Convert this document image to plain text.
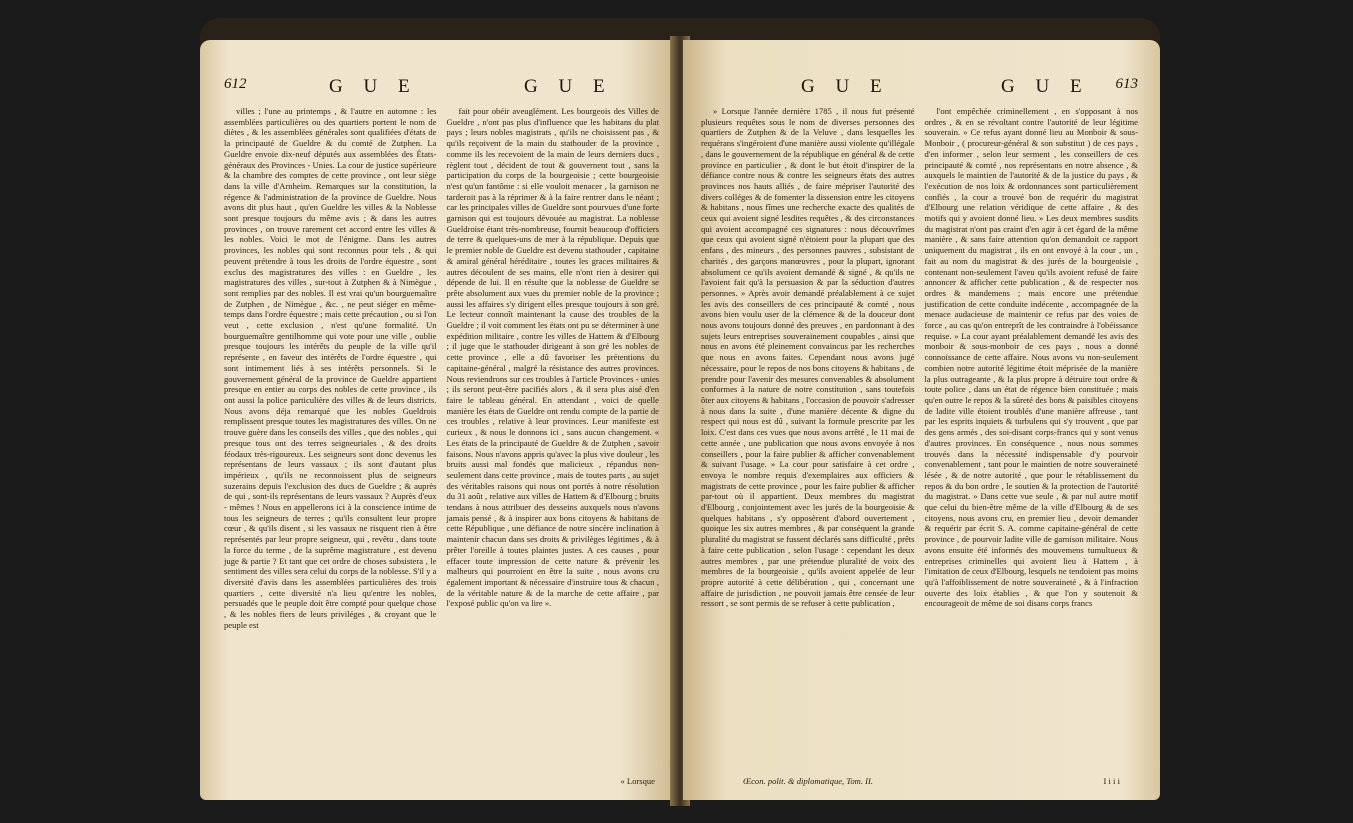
612	G U E	G U E

villes ; l'une au printemps , & l'autre en automne : les assemblées particulières ou des quartiers portent le nom de diètes , & les assemblées générales sont qualifiées d'états de la principauté de Gueldre & du comté de Zutphen. La Gueldre envoie dix-neuf députés aux assemblées des États-généraux des Provinces - Unies. La cour de justice supérieure & la chambre des comptes de cette province , ont leur siège dans la ville d'Arnheim. Remarques sur la constitution, la régence & l'administration de la province de Gueldre. Nous avons dit plus haut , qu'en Gueldre les villes & la Noblesse sont presque toujours du même avis ; & dans les autres provinces , on trouve rarement cet accord entre les villes & les nobles. Voici le mot de l'énigme. Dans les autres provinces, les nobles qui sont reconnus pour tels , & qui peuvent prétendre à tous les droits de l'ordre équestre , sont exclus des magistratures des villes : en Gueldre , les magistratures des villes , sur-tout à Zutphen & à Nimègue , sont remplies par des nobles. Il est vrai qu'un bourguemaître de Zutphen , de Nimègue , &c. , ne peut siéger en même-temps dans l'ordre équestre ; mais cette précaution , ou si l'on veut , cette exclusion , n'est qu'une formalité. Un bourguemaître gentilhomme qui vote pour une ville , oublie presque toujours les intérêts du peuple de la ville qu'il représente , en faveur des intérêts de l'ordre équestre , qui sont intimement liés à ses intérêts personnels. Si le gouvernement général de la province de Gueldre appartient presque en entier au corps des nobles de cette province , ils ont aussi la police particulière des villes & de leurs districts. Nous avons déja remarqué que les nobles Gueldrois remplissent presque toutes les magistratures des villes. On ne trouve guère dans les conseils des villes , que des nobles , qui presque tous ont des terres seigneuriales , & des droits féodaux très-rigoureux. Les seigneurs sont donc devenus les représentans de leurs vassaux ; ils sont d'autant plus impérieux , qu'ils ne reconnoissent plus de seigneurs suzerains depuis l'exclusion des ducs de Gueldre ; & auprès de qui , sont-ils représentans de leurs vassaux ? Auprès d'eux - mêmes ! Nous en appellerons ici à la conscience intime de tous les seigneurs de terres ; qu'ils consultent leur propre cœur , & qu'ils disent , si les vassaux ne risquent rien à être représentés par leur propre seigneur, qui , revêtu , dans toute la force du terme , de la suprême magistrature , est devenu juge & partie ? Et tant que cet ordre de choses subsistera , le sentiment des villes sera celui du corps de la noblesse. S'il y a diversité d'avis dans les assemblées particulières des trois quartiers , cette diversité n'a lieu qu'entre les nobles, persuadés que le peuple doit être compté pour quelque chose , & les nobles fiers de leurs priviléges , & croyant que le peuple est

fait pour obéir aveuglément. Les bourgeois des Villes de Gueldre , n'ont pas plus d'influence que les habitans du plat pays ; leurs nobles magistrats , qu'ils ne choisissent pas , & qu'ils reçoivent de la main du stathouder de la province , comme ils les recevoient de la main de leurs derniers ducs , règlent tout , décident de tout & gouvernent tout , sans la participation du corps de la bourgeoisie ; cette bourgeoisie n'est qu'un fantôme : si elle vouloit menacer , la garnison ne tarderoit pas à la réprimer & à la faire rentrer dans le néant ; car les principales villes de Gueldre sont pourvues d'une forte garnison qui est toujours dévouée au magistrat. La noblesse Gueldroise étant très-nombreuse, fournit beaucoup d'officiers de terre & quelques-uns de mer à la république. Depuis que le premier noble de Gueldre est devenu stathouder , capitaine & amiral général héréditaire , toutes les graces militaires & autres découlent de ses mains, elle n'ont rien à desirer qui dépende de lui. Il en résulte que la noblesse de Gueldre se prête absolument aux vues du premier noble de la province ; aussi les affaires s'y dirigent elles presque toujours à son gré. Le lecteur connoît maintenant la cause des troubles de la Gueldre ; il voit comment les états ont pu se déterminer à une expédition militaire , contre les villes de Hattem & d'Elbourg ; il juge que le stathouder dirigeant à son gré les nobles de cette province , elle a dû favoriser les prétentions du capitaine-général , malgré la résistance des autres provinces. Nous reviendrons sur ces troubles à l'article Provinces - unies ; ils seront peut-être pacifiés alors , & il sera plus aisé d'en faire le tableau général. En attendant , voici de quelle manière les états de Gueldre ont rendu compte de la partie de ces troubles , relative à leur provinces. Leur manifeste est curieux , & nous le donnons ici , sans aucun changement. « Les états de la principauté de Gueldre & de Zutphen , savoir faisons. Nous n'avons appris qu'avec la plus vive douleur , les bruits aussi mal fondés que malicieux , répandus non-seulement dans cette province , mais de toutes parts , au sujet des véritables raisons qui nous ont portés à notre résolution du 31 août , relative aux villes de Hattem & d'Elbourg ; bruits tendans à nous attribuer des desseins auxquels nous n'avons jamais pensé , & à inspirer aux bons citoyens & habitans de cette République , une défiance de notre sincère inclination à maintenir chacun dans ses droits & privilèges légitimes , & à prêter l'oreille à toutes plaintes justes. A ces causes , pour effacer toute impression de cette nature & prévenir les malheurs qui pourroient en être la suite , nous avons cru également important & nécessaire d'instruire tous & chacun , de la véritable nature & de la marche de cette affaire , par l'exposé public qu'on va lire ».

« Lorsque
G U E	G U E 613

» Lorsque l'année dernière 1785 , il nous fut présenté plusieurs requêtes sous le nom de diverses personnes des quartiers de Zutphen & de la Veluve , dans lesquelles les requérans s'ingéroient d'une manière aussi violente qu'illégale , dans le gouvernement de la république en général & de cette province en particulier , & dont le but étoit d'inspirer de la défiance contre nous & contre les seigneurs états des autres provinces nos hauts alliés , de faire mépriser l'autorité des divers colléges & de fomenter la dissension entre les citoyens & habitans , nous fîmes une recherche exacte des qualités de ceux qui avoient signé lesdites requêtes , & des circonstances qui avoient accompagné ces signatures : nous découvrîmes que ceux qui avoient signé n'étoient pour la plupart que des enfans , des mineurs , des personnes pauvres , subsistant de charités , des garçons manœuvres , pour la plupart, ignorant absolument ce qu'ils avoient demandé & signé , & qu'ils ne l'avoient fait qu'à la persuasion & par la séduction d'autres personnes. » Après avoir demandé préalablement à ce sujet les avis des conseillers de ces principauté & comté , nous avons bien voulu user de la clémence & de la douceur dont nous avons toujours donné des preuves , en pardonnant à des sujets leurs entreprises souverainement coupables , ainsi que nous en avons été pleinement convaincus par les recherches que nous en avons faites. Cependant nous avons jugé nécessaire, pour le repos de nos bons citoyens & habitans , de prendre pour l'avenir des mesures convenables & absolument conformes à la nature de notre constitution , sans toutefois ôter aux citoyens & habitans , l'occasion de pouvoir s'adresser à nous dans la suite , d'une manière décente & digne du respect qui nous est dû , suivant la formule prescrite par les loix. C'est dans ces vues que nous avons arrêté , le 11 mai de cette année , une publication que nous avons envoyée à nos conseillers , pour la faire publier & afficher convenablement & suivant l'usage. » La cour pour satisfaire à cet ordre , envoya le nombre requis d'exemplaires aux officiers & magistrats de cette province , pour les faire publier & afficher par-tout où il appartient. Deux membres du magistrat d'Elbourg , conjointement avec les jurés de la bourgeoisie & quelques habitans , s'y opposèrent d'abord ouvertement , quoique les six autres membres , & par conséquent la grande pluralité du magistrat se fussent déclarés sans difficulté , prêts à faire cette publication , selon l'usage : cependant les deux autres membres , par une prétendue pluralité de voix des membres de la bourgeoisie , qu'ils avoient appelée de leur propre autorité à cette délibération , qui , concernant une affaire de jurisdiction , ne pouvoit jamais être censée de leur ressort , se sont permis de se refuser à cette publication ,

l'ont empêchée criminellement , en s'opposant à nos ordres , & en se révoltant contre l'autorité de leur légitime souverain. » Ce refus ayant donné lieu au Monboir & sous-Monboir , ( procureur-général & son substitut ) de ces pays , d'en informer , selon leur serment , les conseillers de ces principauté & comté , nos représentans en notre absence , & auxquels le maintien de l'autorité & de la justice du pays , & l'exécution de nos loix & ordonnances sont particulièrement confiés , la cour a trouvé bon de requérir du magistrat d'Elbourg une relation véridique de cette affaire , & des motifs qui y avoient donné lieu. » Les deux membres susdits du magistrat n'ont pas craint d'en agir à cet égard de la même manière , & sans faire attention qu'on demandoit ce rapport uniquement du magistrat , ils en ont envoyé à la cour , un , fait au nom du magistrat & des jurés de la bourgeoisie , contenant non-seulement l'aveu qu'ils avoient refusé de faire annoncer & afficher cette publication , & de respecter nos ordres & mandemens ; mais encore une prétendue justification de cette conduite indécente , accompagnée de la menace audacieuse de maintenir ce refus par des voies de force , au cas qu'on entreprît de les contraindre à l'obéissance requise. » La cour ayant préalablement demandé les avis des monboir & sous-monboir de ces pays , nous a donné connoissance de cette affaire. Nous avons vu non-seulement combien notre autorité légitime étoit méprisée de la manière la plus outrageante , & la plus propre à détruire tout ordre & toute police , dans un état de régence bien constituée ; mais qu'en outre le repos & la sûreté des bons & paisibles citoyens de ladite ville étoient troublés d'une manière affreuse , tant par les esprits inquiets & turbulens qui s'y trouvent , que par des gens armés , des soi-disant corps-francs qui y sont venus d'autres provinces. En conséquence , nous nous sommes trouvés dans la nécessité indispensable d'y pourvoir convenablement , tant pour le maintien de notre souveraineté lésée , & de notre autorité , que pour le rétablissement du repos & du bon ordre , le soutien & la protection de l'autorité du magistrat. » Dans cette vue seule , & par nul autre motif que celui du bien-être même de la ville d'Elbourg & de ses citoyens, nous avons cru, en premier lieu , devoir demander & requérir par écrit S. A. comme capitaine-général de cette province , de pourvoir ladite ville de garnison militaire. Nous avons ensuite été informés des mouvemens tumultueux & entreprises criminelles qui avoient lieu à Hattem , à l'imitation de ceux d'Elbourg, lesquels ne tendoient pas moins qu'à l'affoiblissement de notre souveraineté , & à l'infraction ouverte des loix établies , & que l'on y soutenoit & encourageoit de même de soi disans corps francs

Œcon. polit. & diplomatique, Tom. II.	I i i i
